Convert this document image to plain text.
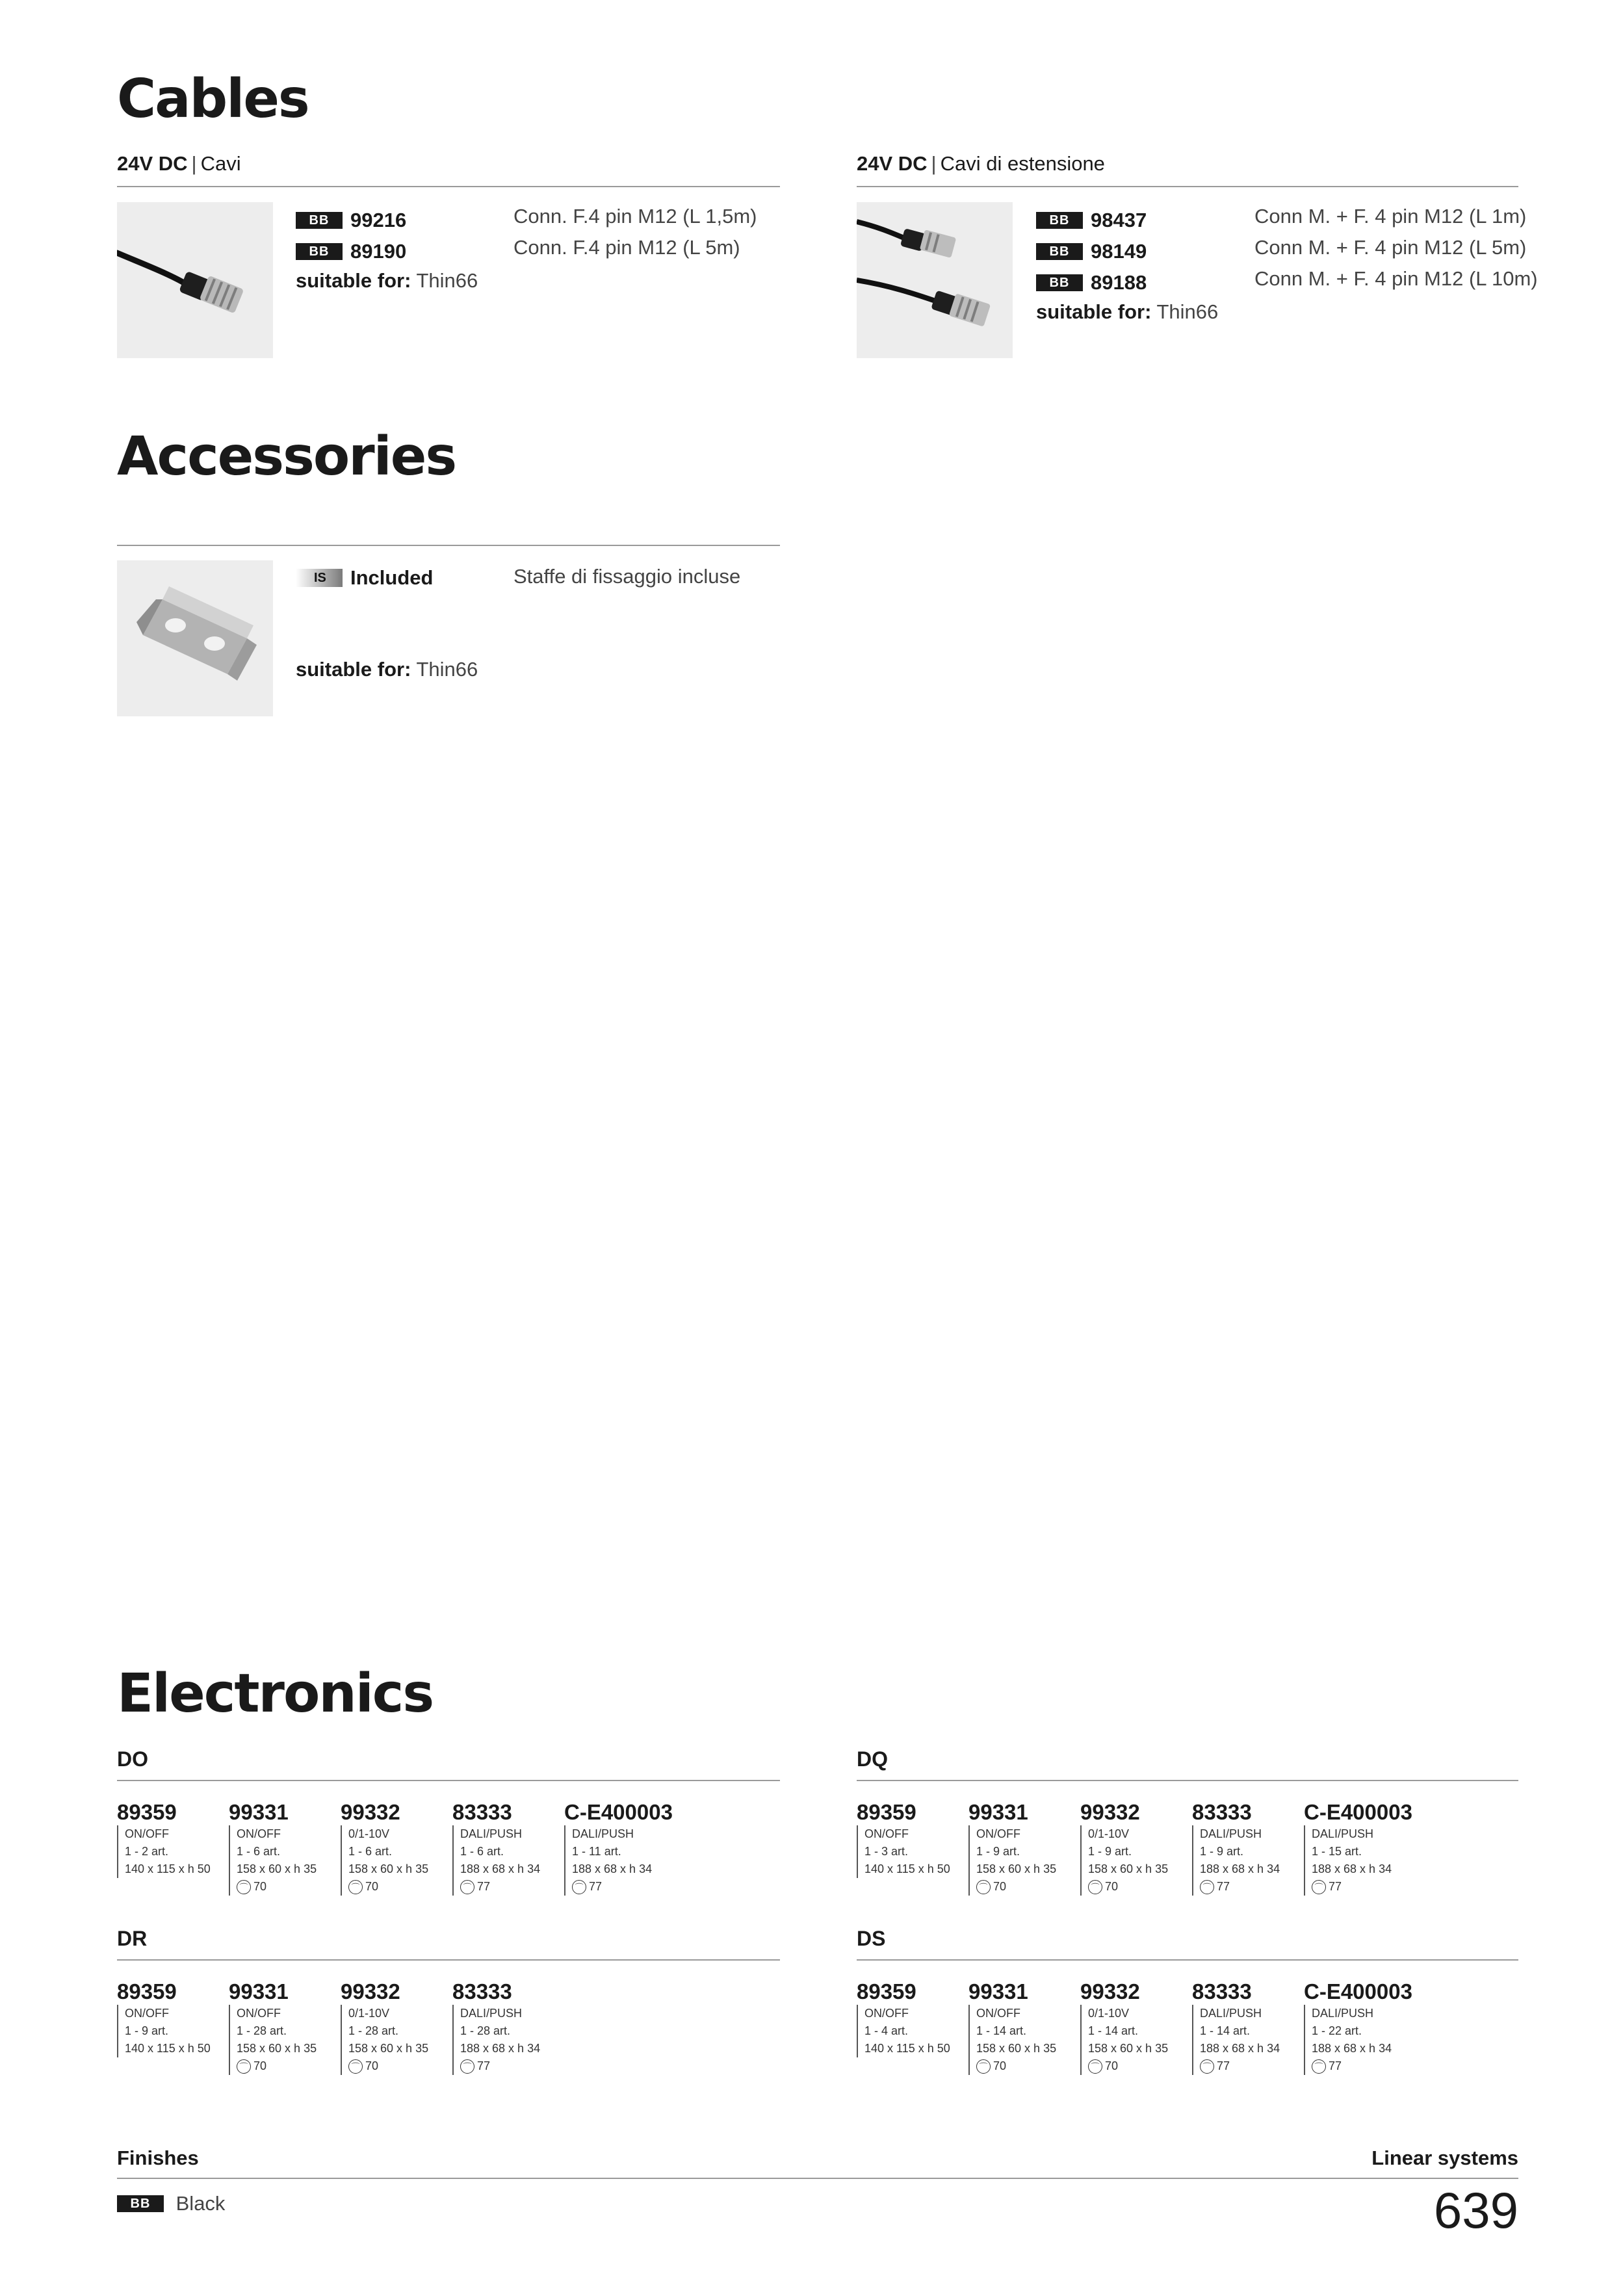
Cables
24V DC | Cavi
BB 99216	Conn. F.4 pin M12 (L 1,5m)
BB 89190	Conn. F.4 pin M12 (L 5m)
suitable for: Thin66
24V DC | Cavi di estensione
BB 98437	Conn M. + F. 4 pin M12 (L 1m)
BB 98149	Conn M. + F. 4 pin M12 (L 5m)
BB 89188	Conn M. + F. 4 pin M12 (L 10m)
suitable for: Thin66
Accessories
IS Included	Staffe di fissaggio incluse
suitable for: Thin66
Electronics
DO
89359
ON/OFF
1 - 2 art.
140 x 115 x h 50
99331
ON/OFF
1 - 6 art.
158 x 60 x h 35
⌒ 70
99332
0/1-10V
1 - 6 art.
158 x 60 x h 35
⌒ 70
83333
DALI/PUSH
1 - 6 art.
188 x 68 x h 34
⌒ 77
C-E400003
DALI/PUSH
1 - 11 art.
188 x 68 x h 34
⌒ 77
DQ
89359
ON/OFF
1 - 3 art.
140 x 115 x h 50
99331
ON/OFF
1 - 9 art.
158 x 60 x h 35
⌒ 70
99332
0/1-10V
1 - 9 art.
158 x 60 x h 35
⌒ 70
83333
DALI/PUSH
1 - 9 art.
188 x 68 x h 34
⌒ 77
C-E400003
DALI/PUSH
1 - 15 art.
188 x 68 x h 34
⌒ 77
DR
89359
ON/OFF
1 - 9 art.
140 x 115 x h 50
99331
ON/OFF
1 - 28 art.
158 x 60 x h 35
⌒ 70
99332
0/1-10V
1 - 28 art.
158 x 60 x h 35
⌒ 70
83333
DALI/PUSH
1 - 28 art.
188 x 68 x h 34
⌒ 77
DS
89359
ON/OFF
1 - 4 art.
140 x 115 x h 50
99331
ON/OFF
1 - 14 art.
158 x 60 x h 35
⌒ 70
99332
0/1-10V
1 - 14 art.
158 x 60 x h 35
⌒ 70
83333
DALI/PUSH
1 - 14 art.
188 x 68 x h 34
⌒ 77
C-E400003
DALI/PUSH
1 - 22 art.
188 x 68 x h 34
⌒ 77
Finishes	Linear systems
BB Black	639
